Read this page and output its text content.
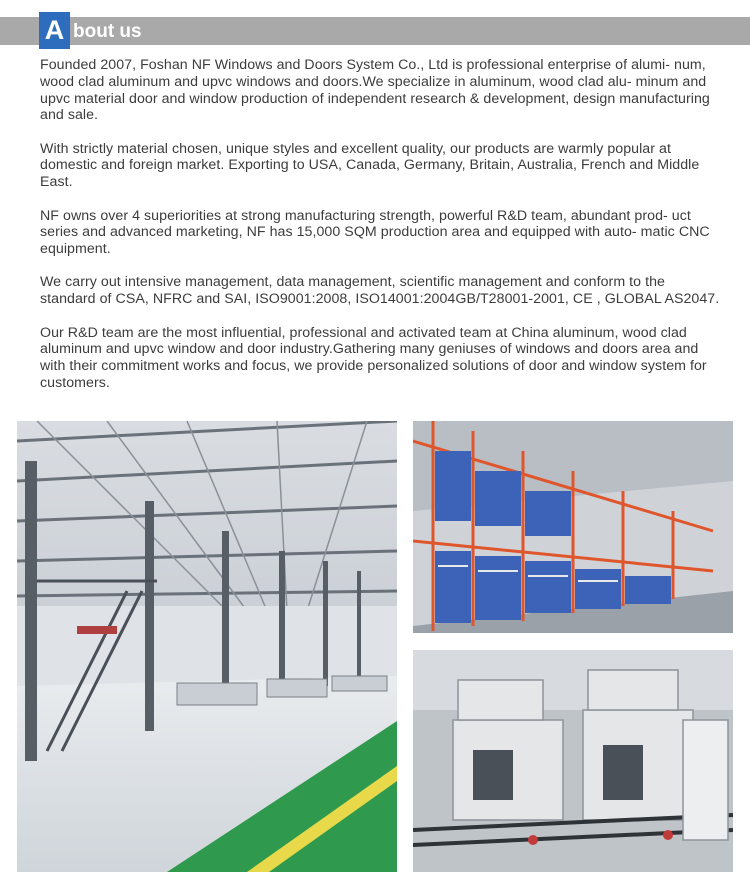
A bout us

Founded 2007, Foshan NF Windows and Doors System Co., Ltd is professional enterprise of alumi- num, wood clad aluminum and upvc windows and doors.We specialize in aluminum, wood clad alu- minum and upvc material door and window production of independent research & development, design manufacturing and sale.

With strictly material chosen, unique styles and excellent quality, our products are warmly popular at domestic and foreign market. Exporting to USA, Canada, Germany, Britain, Australia, French and Middle East.

NF owns over 4 superiorities at strong manufacturing strength, powerful R&D team, abundant prod- uct series and advanced marketing, NF has 15,000 SQM production area and equipped with auto- matic CNC equipment.

We carry out intensive management, data management, scientific management and conform to the standard of CSA, NFRC and SAI, ISO9001:2008, ISO14001:2004GB/T28001-2001, CE , GLOBAL AS2047.

Our R&D team are the most influential, professional and activated team at China aluminum, wood clad aluminum and upvc window and door industry.Gathering many geniuses of windows and doors area and with their commitment works and focus, we provide personalized solutions of door and window system for customers.
